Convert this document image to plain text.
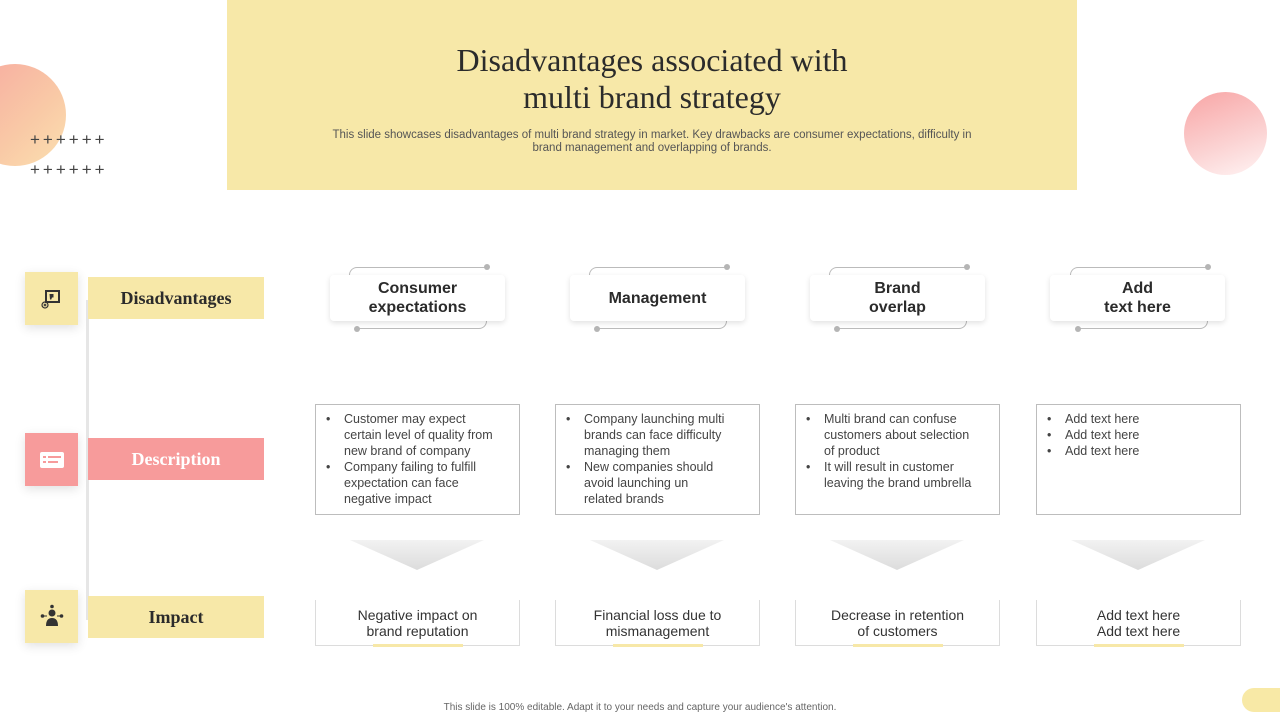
Disadvantages associated with
multi brand strategy
This slide showcases disadvantages of multi brand strategy in market. Key drawbacks are consumer expectations, difficulty in
brand management and overlapping of brands.
++++++
++++++
Disadvantages
Description
Impact
Consumer
expectations
• Customer may expect
certain level of quality from
new brand of company
• Company failing to fulfill
expectation can face
negative impact
Negative impact on
brand reputation
Management
• Company launching multi
brands can face difficulty
managing them
• New companies should
avoid launching un
related brands
Financial loss due to
mismanagement
Brand
overlap
• Multi brand can confuse
customers about selection
of product
• It will result in customer
leaving the brand umbrella
Decrease in retention
of customers
Add
text here
• Add text here
• Add text here
• Add text here
Add text here
Add text here
This slide is 100% editable. Adapt it to your needs and capture your audience's attention.
